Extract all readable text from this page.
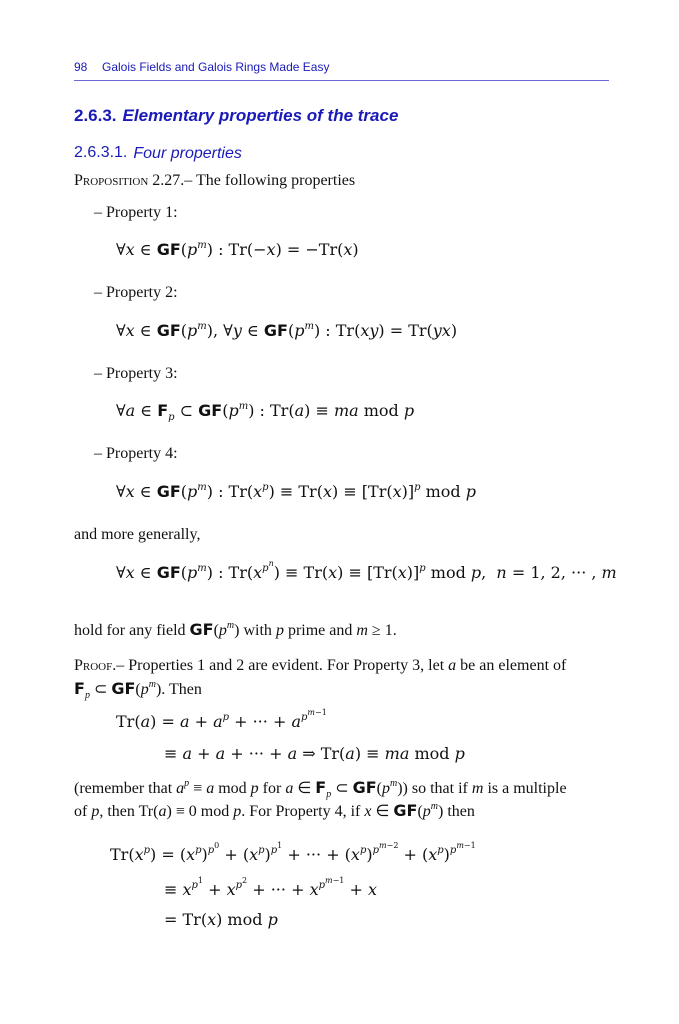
98 Galois Fields and Galois Rings Made Easy
2.6.3. Elementary properties of the trace
2.6.3.1. Four properties
Proposition 2.27.– The following properties
– Property 1:
∀x ∈ $GF(p^m)$ : Tr(−x) = −Tr(x)
– Property 2:
∀x ∈ $GF(p^m)$, ∀y ∈ $GF(p^m)$ : Tr(xy) = Tr(yx)
– Property 3:
∀a ∈ $F_p$ ⊂ $GF(p^m)$ : Tr(a) ≡ ma mod p
– Property 4:
∀x ∈ $GF(p^m)$ : $Tr(x^p) \equiv Tr(x) \equiv [Tr(x)]^p$ mod p
and more generally,
∀x ∈ $GF(p^m)$ : $Tr(x^{p^n}) \equiv Tr(x) \equiv [Tr(x)]^p$ mod p,  n = 1, 2, ··· , m
hold for any field $GF(p^m)$ with p prime and m ≥ 1.
Proof.– Properties 1 and 2 are evident. For Property 3, let a be an element of
$F_p$ ⊂ $GF(p^m)$. Then
$Tr(a) = a + a^p$ + ··· + $a^{p^{m-1}}$
≡ a + a + ··· + a ⇒ Tr(a) ≡ ma mod p
(remember that $a^p \equiv a$ mod p for a ∈ $F_p$ ⊂ $GF(p^m)$) so that if m is a multiple
of p, then Tr(a) ≡ 0 mod p. For Property 4, if x ∈ $GF(p^m)$ then
$Tr(x^p) = (x^p)^{p^0} + (x^p)^{p^1}$ + ··· + $(x^p)^{p^{m-2}} + (x^p)^{p^{m-1}}$
≡ $x^{p^1} + x^{p^2}$ + ··· + $x^{p^{m-1}} + x$
= Tr(x) mod p
